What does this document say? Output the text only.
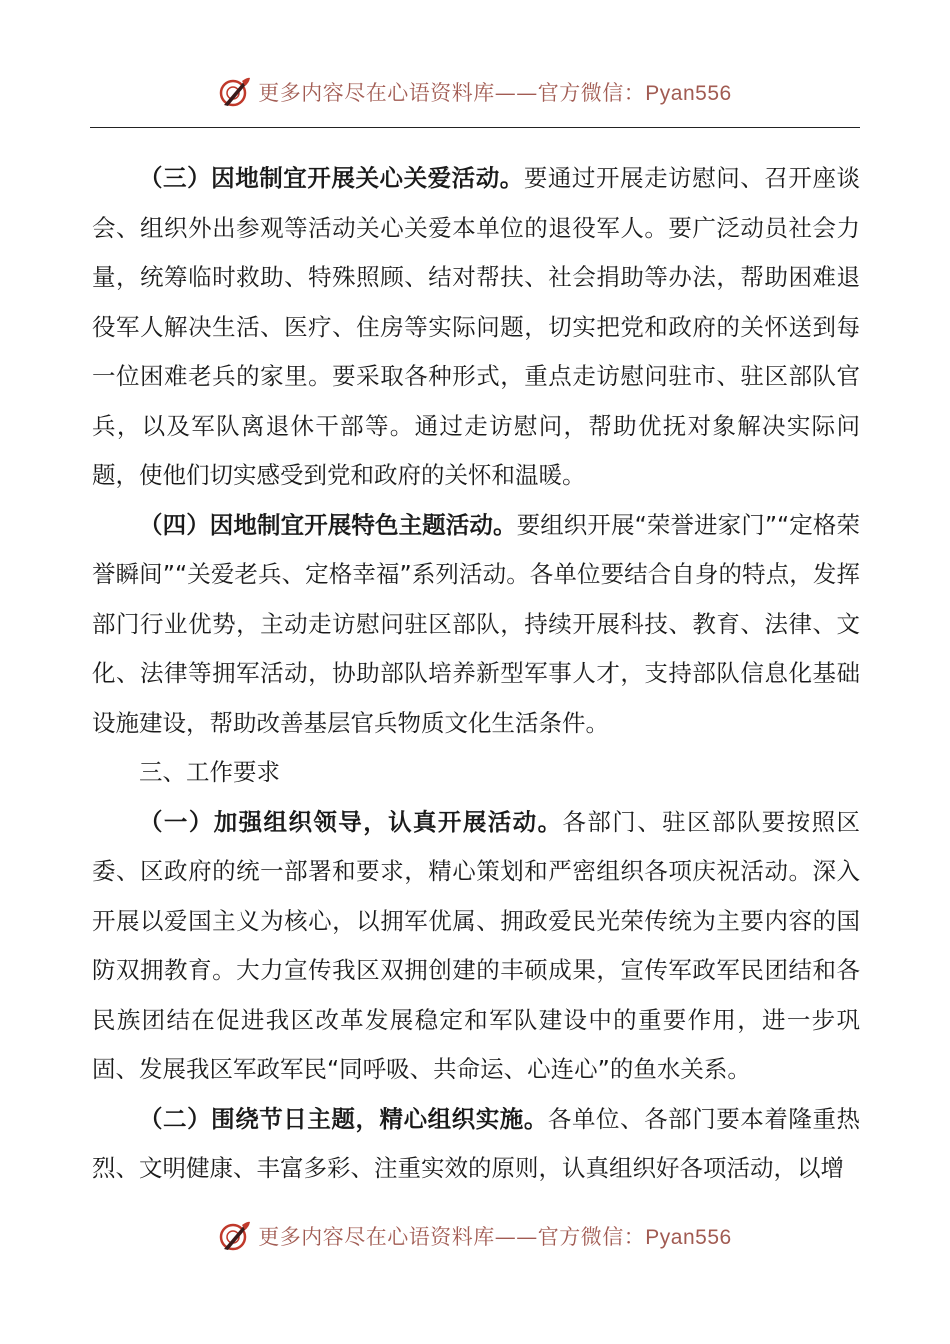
更多内容尽在心语资料库——官方微信：Pyan556

（三）因地制宜开展关心关爱活动。要通过开展走访慰问、召开座谈会、组织外出参观等活动关心关爱本单位的退役军人。要广泛动员社会力量，统筹临时救助、特殊照顾、结对帮扶、社会捐助等办法，帮助困难退役军人解决生活、医疗、住房等实际问题，切实把党和政府的关怀送到每一位困难老兵的家里。要采取各种形式，重点走访慰问驻市、驻区部队官兵，以及军队离退休干部等。通过走访慰问，帮助优抚对象解决实际问题，使他们切实感受到党和政府的关怀和温暖。

（四）因地制宜开展特色主题活动。要组织开展“荣誉进家门”“定格荣誉瞬间”“关爱老兵、定格幸福”系列活动。各单位要结合自身的特点，发挥部门行业优势，主动走访慰问驻区部队，持续开展科技、教育、法律、文化、法律等拥军活动，协助部队培养新型军事人才，支持部队信息化基础设施建设，帮助改善基层官兵物质文化生活条件。

三、工作要求

（一）加强组织领导，认真开展活动。各部门、驻区部队要按照区委、区政府的统一部署和要求，精心策划和严密组织各项庆祝活动。深入开展以爱国主义为核心，以拥军优属、拥政爱民光荣传统为主要内容的国防双拥教育。大力宣传我区双拥创建的丰硕成果，宣传军政军民团结和各民族团结在促进我区改革发展稳定和军队建设中的重要作用，进一步巩固、发展我区军政军民“同呼吸、共命运、心连心”的鱼水关系。

（二）围绕节日主题，精心组织实施。各单位、各部门要本着隆重热烈、文明健康、丰富多彩、注重实效的原则，认真组织好各项活动，以增

更多内容尽在心语资料库——官方微信：Pyan556
